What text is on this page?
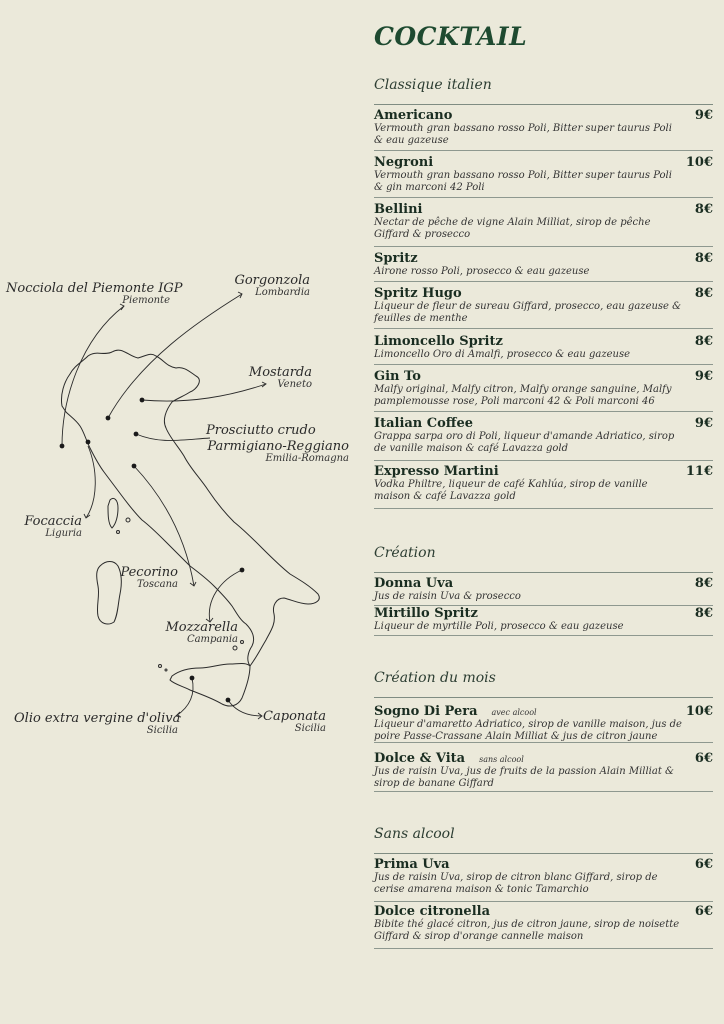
Nocciola del Piemonte IGP
Piemonte
Gorgonzola
Lombardia
Mostarda
Veneto
Prosciutto crudo
Parmigiano-Reggiano
Emilia-Romagna
Focaccia
Liguria
Pecorino
Toscana
Mozzarella
Campania
Olio extra vergine d'oliva
Sicilia
Caponata
Sicilia
COCKTAIL
Classique italien
Americano	9€
Vermouth gran bassano rosso Poli, Bitter super taurus Poli & eau gazeuse
Negroni	10€
Vermouth gran bassano rosso Poli, Bitter super taurus Poli & gin marconi 42 Poli
Bellini	8€
Nectar de pêche de vigne Alain Milliat, sirop de pêche Giffard & prosecco
Spritz	8€
Airone rosso Poli, prosecco & eau gazeuse
Spritz Hugo	8€
Liqueur de fleur de sureau Giffard, prosecco, eau gazeuse & feuilles de menthe
Limoncello Spritz	8€
Limoncello Oro di Amalfi, prosecco & eau gazeuse
Gin To	9€
Malfy original, Malfy citron, Malfy orange sanguine, Malfy pamplemousse rose, Poli marconi 42 & Poli marconi 46
Italian Coffee	9€
Grappa sarpa oro di Poli, liqueur d'amande Adriatico, sirop de vanille maison & café Lavazza gold
Expresso Martini	11€
Vodka Philtre, liqueur de café Kahlúa, sirop de vanille maison & café Lavazza gold
Création
Donna Uva	8€
Jus de raisin Uva & prosecco
Mirtillo Spritz	8€
Liqueur de myrtille Poli, prosecco & eau gazeuse
Création du mois
Sogno Di Pera avec alcool	10€
Liqueur d'amaretto Adriatico, sirop de vanille maison, jus de poire Passe-Crassane Alain Milliat & jus de citron jaune
Dolce & Vita sans alcool	6€
Jus de raisin Uva, jus de fruits de la passion Alain Milliat & sirop de banane Giffard
Sans alcool
Prima Uva	6€
Jus de raisin Uva, sirop de citron blanc Giffard, sirop de cerise amarena maison & tonic Tamarchio
Dolce citronella	6€
Bibite thé glacé citron, jus de citron jaune, sirop de noisette Giffard & sirop d'orange cannelle maison
